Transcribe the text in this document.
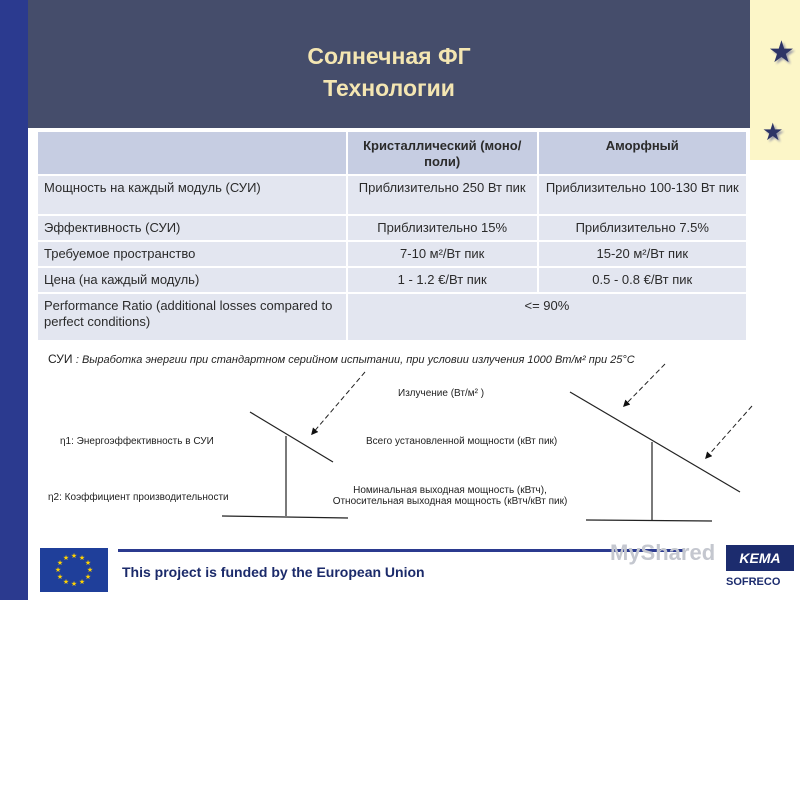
EuropeAid/129710/C/SUP/BY
Солнечная ФГ
Технологии
★
★
	Кристаллический (моно/поли)	Аморфный
Мощность на каждый модуль (СУИ)	Приблизительно 250 Вт пик	Приблизительно 100-130 Вт пик
Эффективность (СУИ)	Приблизительно 15%	Приблизительно 7.5%
Требуемое пространство	7-10 м²/Вт пик	15-20 м²/Вт пик
Цена (на каждый модуль)	1 - 1.2 €/Вт пик	0.5 - 0.8 €/Вт пик
Performance Ratio (additional losses compared to perfect conditions)	<= 90%	
СУИ : Выработка энергии при стандартном серийном испытании, при условии излучения 1000 Вт/м² при 25°C
Излучение (Вт/м² )
η1: Энергоэффективность в СУИ	Всего установленной мощности (кВт пик)
η2: Коэффициент производительности
Номинальная выходная мощность (кВтч),
Относительная выходная мощность (кВтч/кВт пик)
★ ★
★
★
★
★
★
★
★
★
★
★
This project is funded by the European Union
MyShared	KEMA
SOFRECO
